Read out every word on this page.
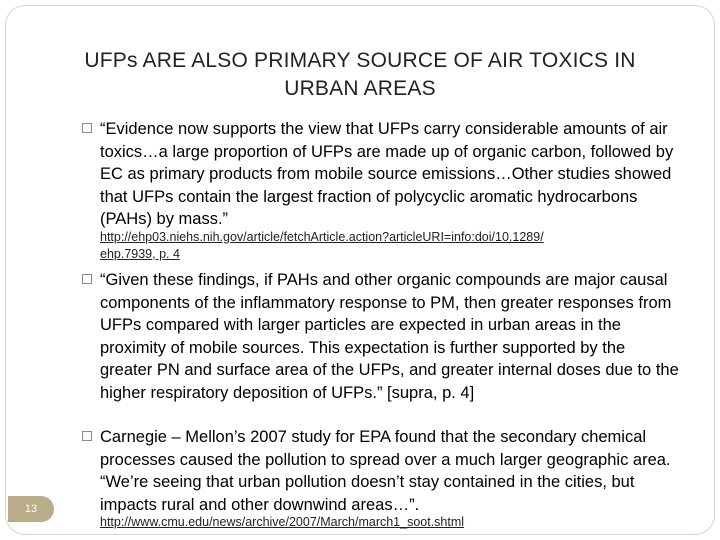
UFPs ARE ALSO PRIMARY SOURCE OF AIR TOXICS IN
URBAN AREAS
“Evidence now supports the view that UFPs carry considerable amounts of air toxics…a large proportion of UFPs are made up of organic carbon, followed by EC as primary products from mobile source emissions…Other studies showed that UFPs contain the largest fraction of polycyclic aromatic hydrocarbons (PAHs) by mass.”
http://ehp03.niehs.nih.gov/article/fetchArticle.action?articleURI=info:doi/10.1289/
ehp.7939, p. 4
“Given these findings, if PAHs and other organic compounds are major causal components of the inflammatory response to PM, then greater responses from UFPs compared with larger particles are expected in urban areas in the proximity of mobile sources. This expectation is further supported by the greater PN and surface area of the UFPs, and greater internal doses due to the higher respiratory deposition of UFPs.” [supra, p. 4]
Carnegie – Mellon’s 2007 study for EPA found that the secondary chemical processes caused the pollution to spread over a much larger geographic area. “We’re seeing that urban pollution doesn’t stay contained in the cities, but impacts rural and other downwind areas…”.
http://www.cmu.edu/news/archive/2007/March/march1_soot.shtml
13
